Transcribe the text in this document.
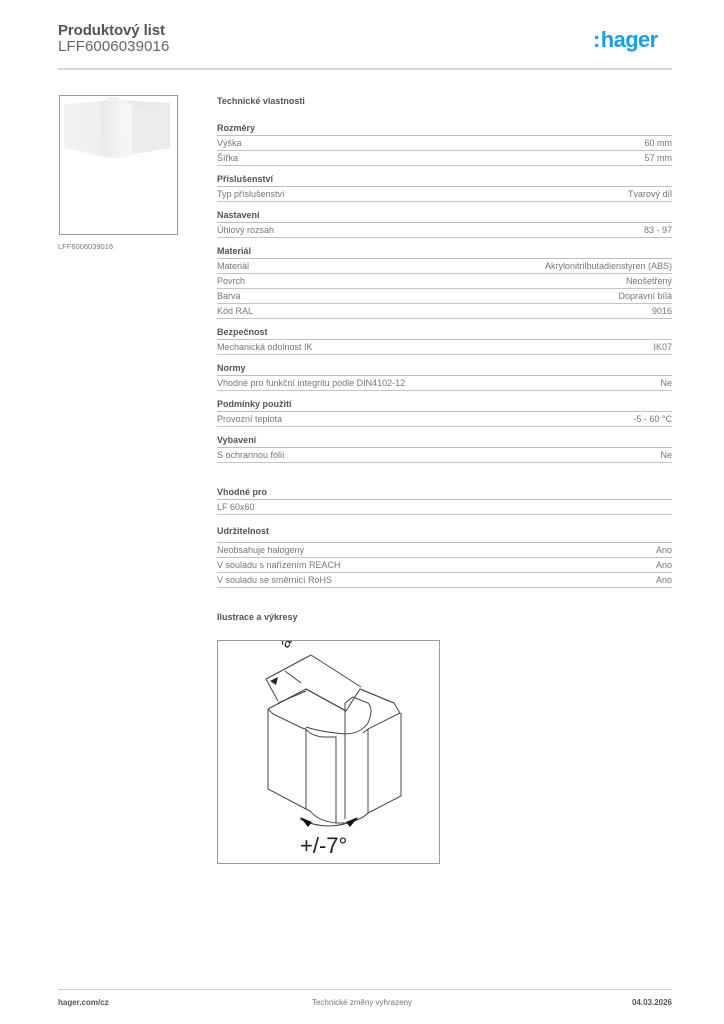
Produktový list
LFF6006039016	:hager
LFF6006039016
Technické vlastnosti
Rozměry
Výška	60 mm
Šířka	57 mm
Příslušenství
Typ příslušenství	Tvarový díl
Nastavení
Úhlový rozsah	83 - 97
Materiál
Materiál	Akrylonitrilbutadienstyren (ABS)
Povrch	Neošetřený
Barva	Dopravní bílá
Kód RAL	9016
Bezpečnost
Mechanická odolnost IK	IK07
Normy
Vhodné pro funkční integritu podle DIN4102-12	Ne
Podmínky použití
Provozní teplota	-5 - 60 °C
Vybavení
S ochrannou fólií	Ne
Vhodné pro
LF 60x60
Udržitelnost
Neobsahuje halogeny	Ano
V souladu s nařízením REACH	Ano
V souladu se směrnicí RoHS	Ano
Ilustrace a výkresy
a
+/-7°
hager.com/cz	Technické změny vyhrazeny	04.03.2026
